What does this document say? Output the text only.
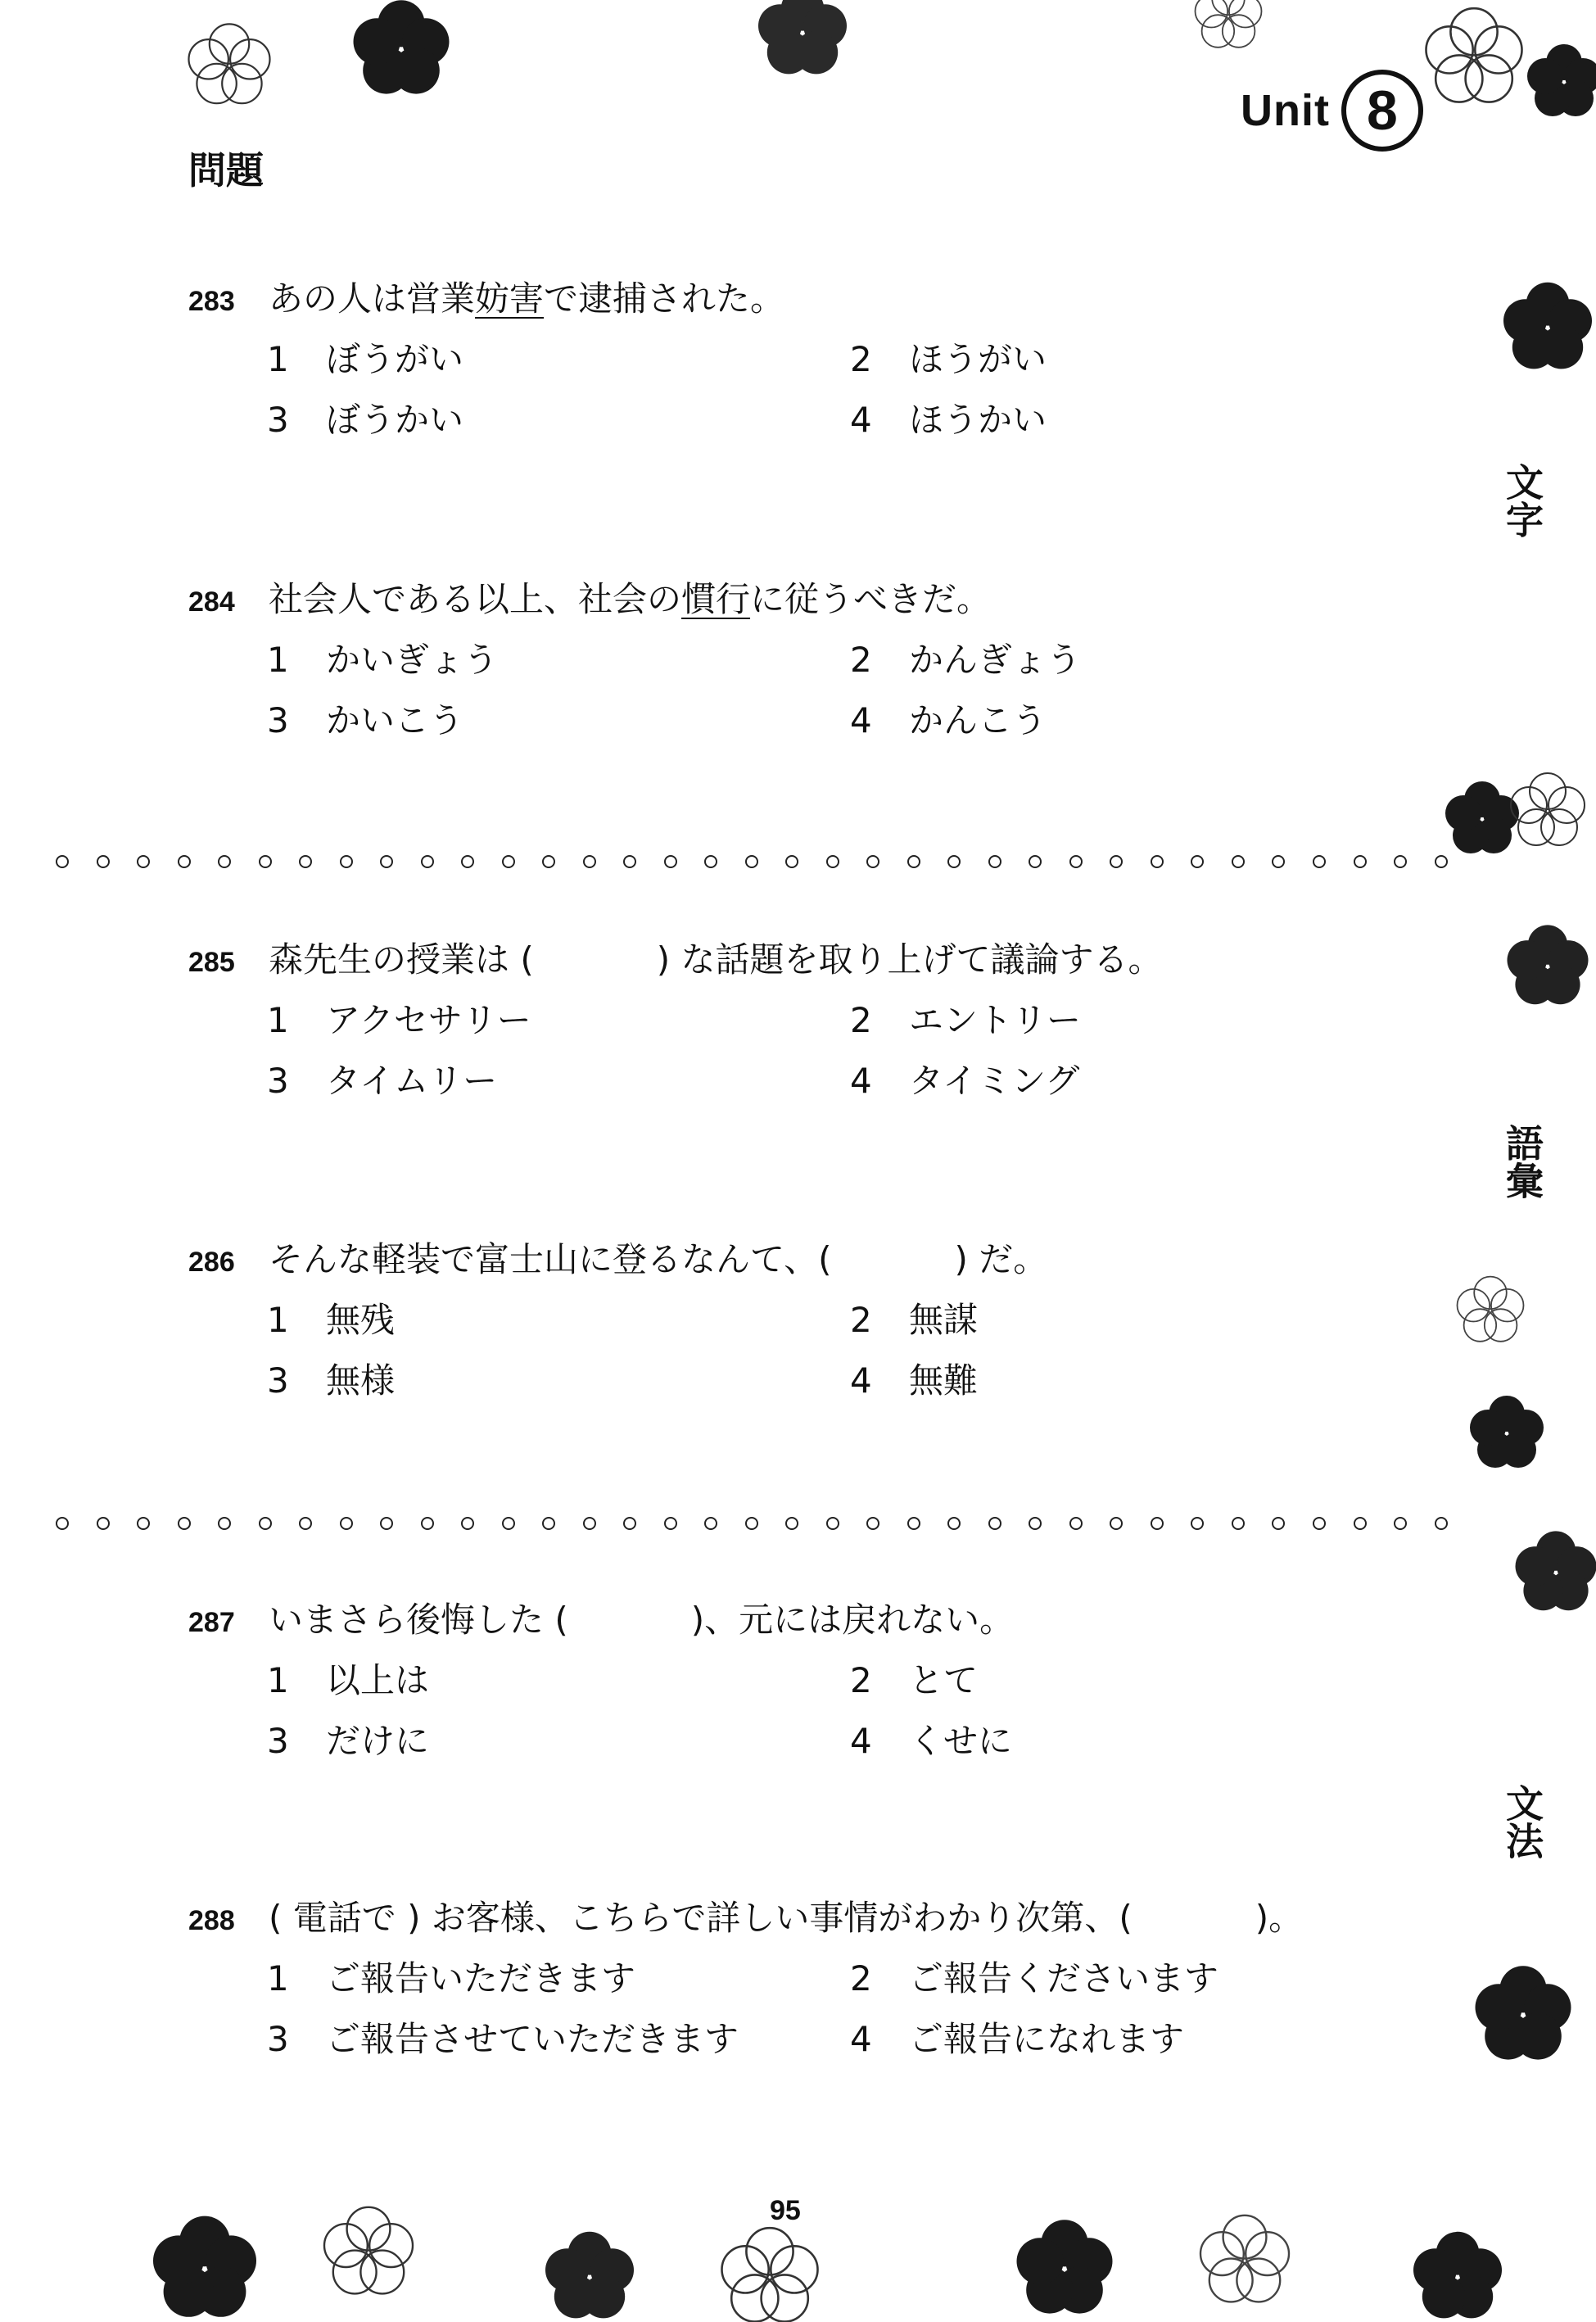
Unit 8
問題
283 あの人は営業妨害で逮捕された。
1 ぼうがい	2 ほうがい
3 ぼうかい	4 ほうかい
284 社会人である以上、社会の慣行に従うべきだ。
1 かいぎょう	2 かんぎょう
3 かいこう	4 かんこう
285 森先生の授業は (	) な話題を取り上げて議論する。
1 アクセサリー	2 エントリー
3 タイムリー	4 タイミング
286 そんな軽装で富士山に登るなんて、(	) だ。
1 無残	2 無謀
3 無様	4 無難
287 いまさら後悔した (	)、元には戻れない。
1 以上は	2 とて
3 だけに	4 くせに
288 ( 電話で ) お客様、こちらで詳しい事情がわかり次第、(	)。
1 ご報告いただきます	2 ご報告くださいます
3 ご報告させていただきます	4 ご報告になれます
文字
語彙
文法
95
